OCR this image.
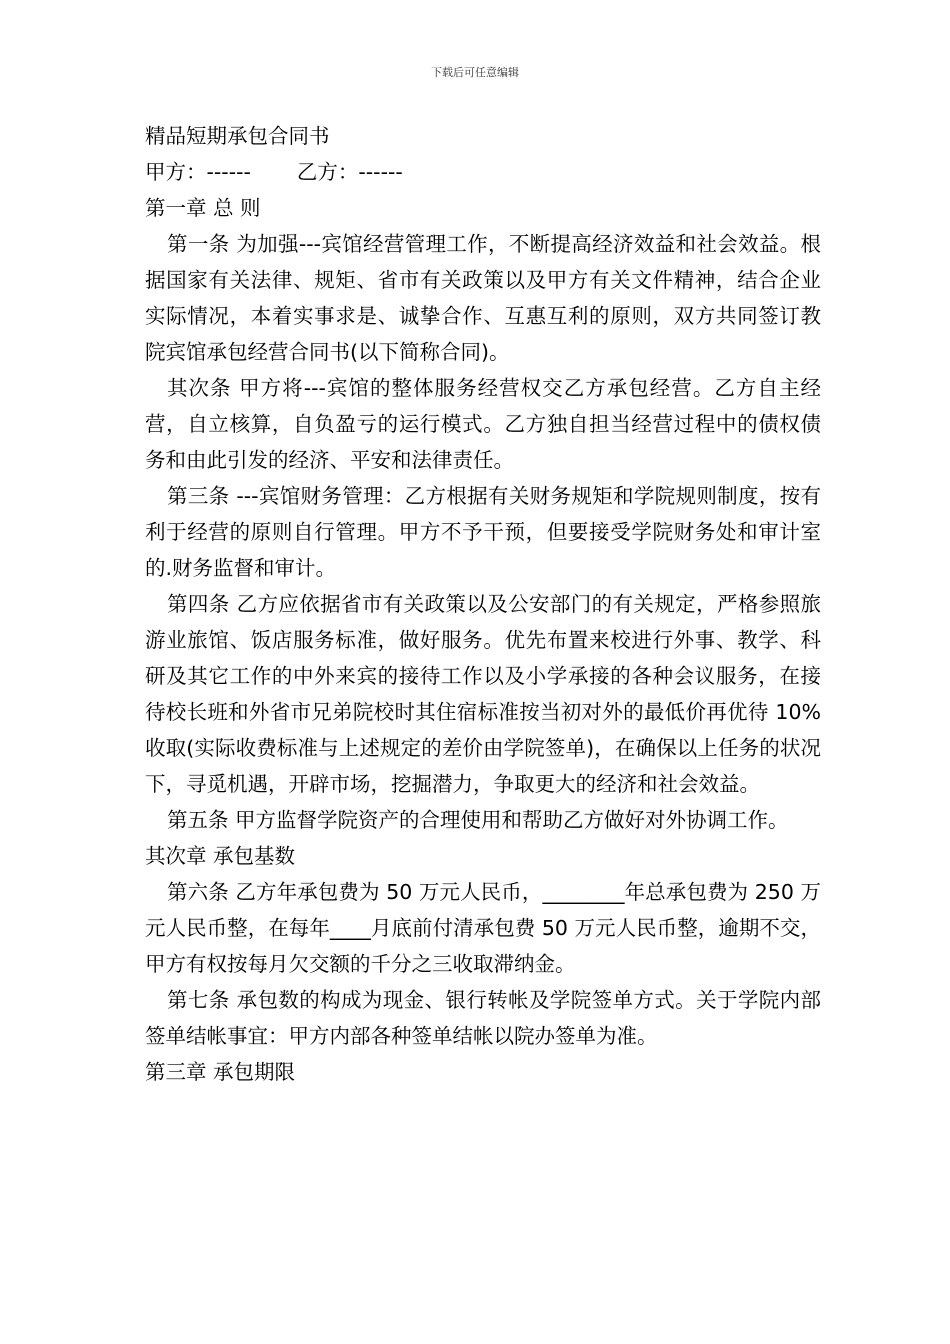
下载后可任意编辑
精品短期承包合同书

甲方：------ 乙方：------

第一章 总 则

第一条 为加强---宾馆经营管理工作，不断提高经济效益和社会效益。根据国家有关法律、规矩、省市有关政策以及甲方有关文件精神，结合企业实际情况，本着实事求是、诚挚合作、互惠互利的原则，双方共同签订教院宾馆承包经营合同书(以下简称合同)。

其次条 甲方将---宾馆的整体服务经营权交乙方承包经营。乙方自主经营，自立核算，自负盈亏的运行模式。乙方独自担当经营过程中的债权债务和由此引发的经济、平安和法律责任。

第三条 ---宾馆财务管理：乙方根据有关财务规矩和学院规则制度，按有利于经营的原则自行管理。甲方不予干预，但要接受学院财务处和审计室的.财务监督和审计。

第四条 乙方应依据省市有关政策以及公安部门的有关规定，严格参照旅游业旅馆、饭店服务标准，做好服务。优先布置来校进行外事、教学、科研及其它工作的中外来宾的接待工作以及小学承接的各种会议服务，在接待校长班和外省市兄弟院校时其住宿标准按当初对外的最低价再优待 10%收取(实际收费标准与上述规定的差价由学院签单)，在确保以上任务的状况下，寻觅机遇，开辟市场，挖掘潜力，争取更大的经济和社会效益。

第五条 甲方监督学院资产的合理使用和帮助乙方做好对外协调工作。

其次章 承包基数

第六条 乙方年承包费为 50 万元人民币，________年总承包费为 250 万元人民币整，在每年____月底前付清承包费 50 万元人民币整，逾期不交，甲方有权按每月欠交额的千分之三收取滞纳金。

第七条 承包数的构成为现金、银行转帐及学院签单方式。关于学院内部签单结帐事宜：甲方内部各种签单结帐以院办签单为准。

第三章 承包期限
